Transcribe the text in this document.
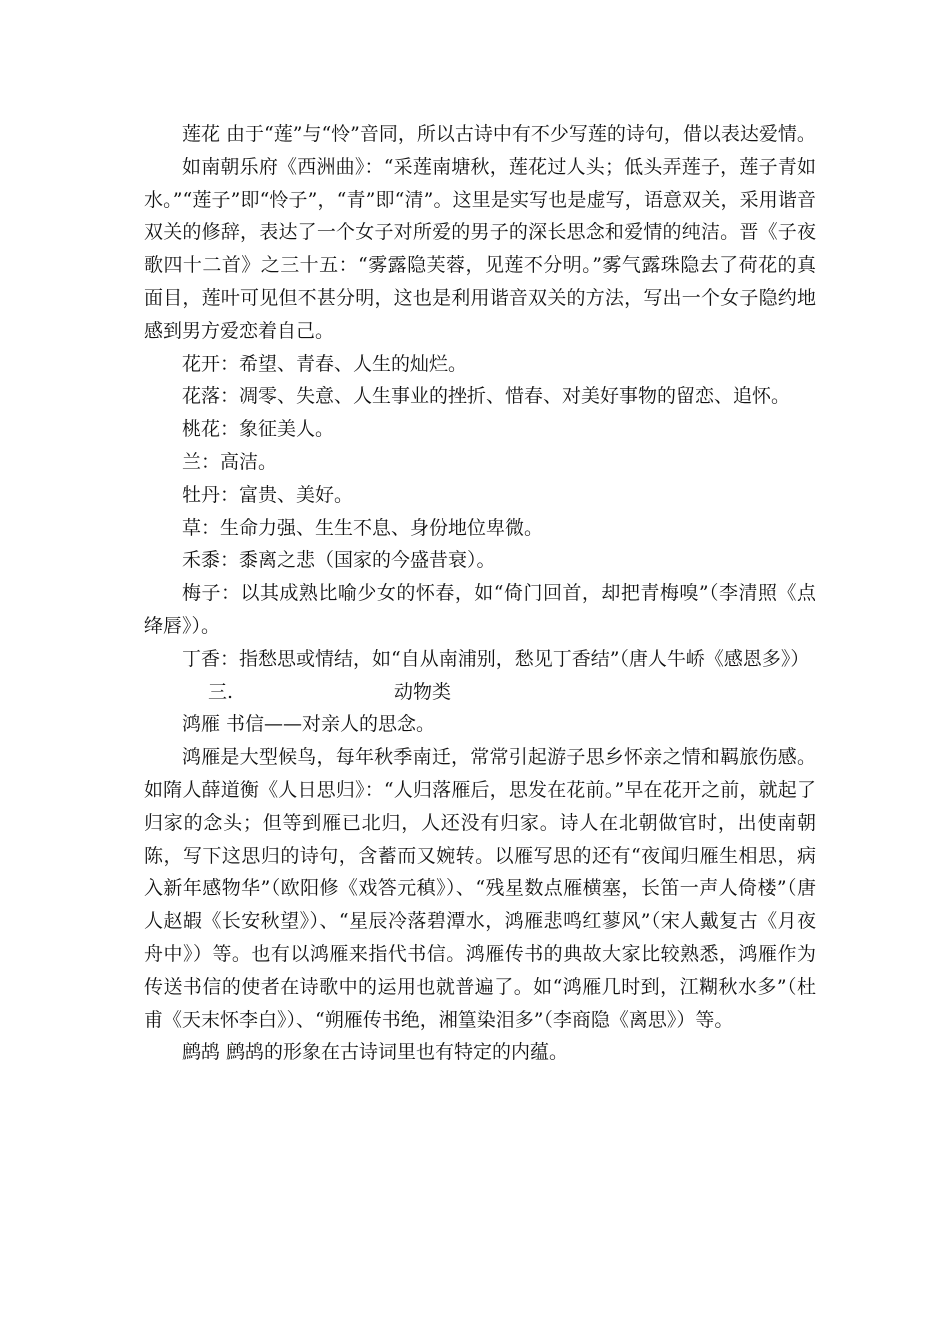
莲花 由于“莲”与“怜”音同，所以古诗中有不少写莲的诗句，借以表达爱情。

如南朝乐府《西洲曲》：“采莲南塘秋，莲花过人头；低头弄莲子，莲子青如水。”“莲子”即“怜子”，“青”即“清”。这里是实写也是虚写，语意双关，采用谐音双关的修辞，表达了一个女子对所爱的男子的深长思念和爱情的纯洁。晋《子夜歌四十二首》之三十五：“雾露隐芙蓉，见莲不分明。”雾气露珠隐去了荷花的真面目，莲叶可见但不甚分明，这也是利用谐音双关的方法，写出一个女子隐约地感到男方爱恋着自己。

花开：希望、青春、人生的灿烂。

花落：凋零、失意、人生事业的挫折、惜春、对美好事物的留恋、追怀。

桃花：象征美人。

兰：高洁。

牡丹：富贵、美好。

草：生命力强、生生不息、身份地位卑微。

禾黍：黍离之悲（国家的今盛昔衰）。

梅子：以其成熟比喻少女的怀春，如“倚门回首，却把青梅嗅”（李清照《点绛唇》）。

丁香：指愁思或情结，如“自从南浦别，愁见丁香结”（唐人牛峤《感恩多》）

三.	动物类

鸿雁 书信——对亲人的思念。

鸿雁是大型候鸟，每年秋季南迁，常常引起游子思乡怀亲之情和羁旅伤感。如隋人薛道衡《人日思归》：“人归落雁后，思发在花前。”早在花开之前，就起了归家的念头；但等到雁已北归，人还没有归家。诗人在北朝做官时，出使南朝陈，写下这思归的诗句，含蓄而又婉转。以雁写思的还有“夜闻归雁生相思，病入新年感物华”（欧阳修《戏答元稹》）、“残星数点雁横塞，长笛一声人倚楼”（唐人赵嘏《长安秋望》）、“星辰冷落碧潭水，鸿雁悲鸣红蓼风”（宋人戴复古《月夜舟中》）等。也有以鸿雁来指代书信。鸿雁传书的典故大家比较熟悉，鸿雁作为传送书信的使者在诗歌中的运用也就普遍了。如“鸿雁几时到，江糊秋水多”（杜甫《天末怀李白》）、“朔雁传书绝，湘篁染泪多”（李商隐《离思》）等。

鹧鸪 鹧鸪的形象在古诗词里也有特定的内蕴。
